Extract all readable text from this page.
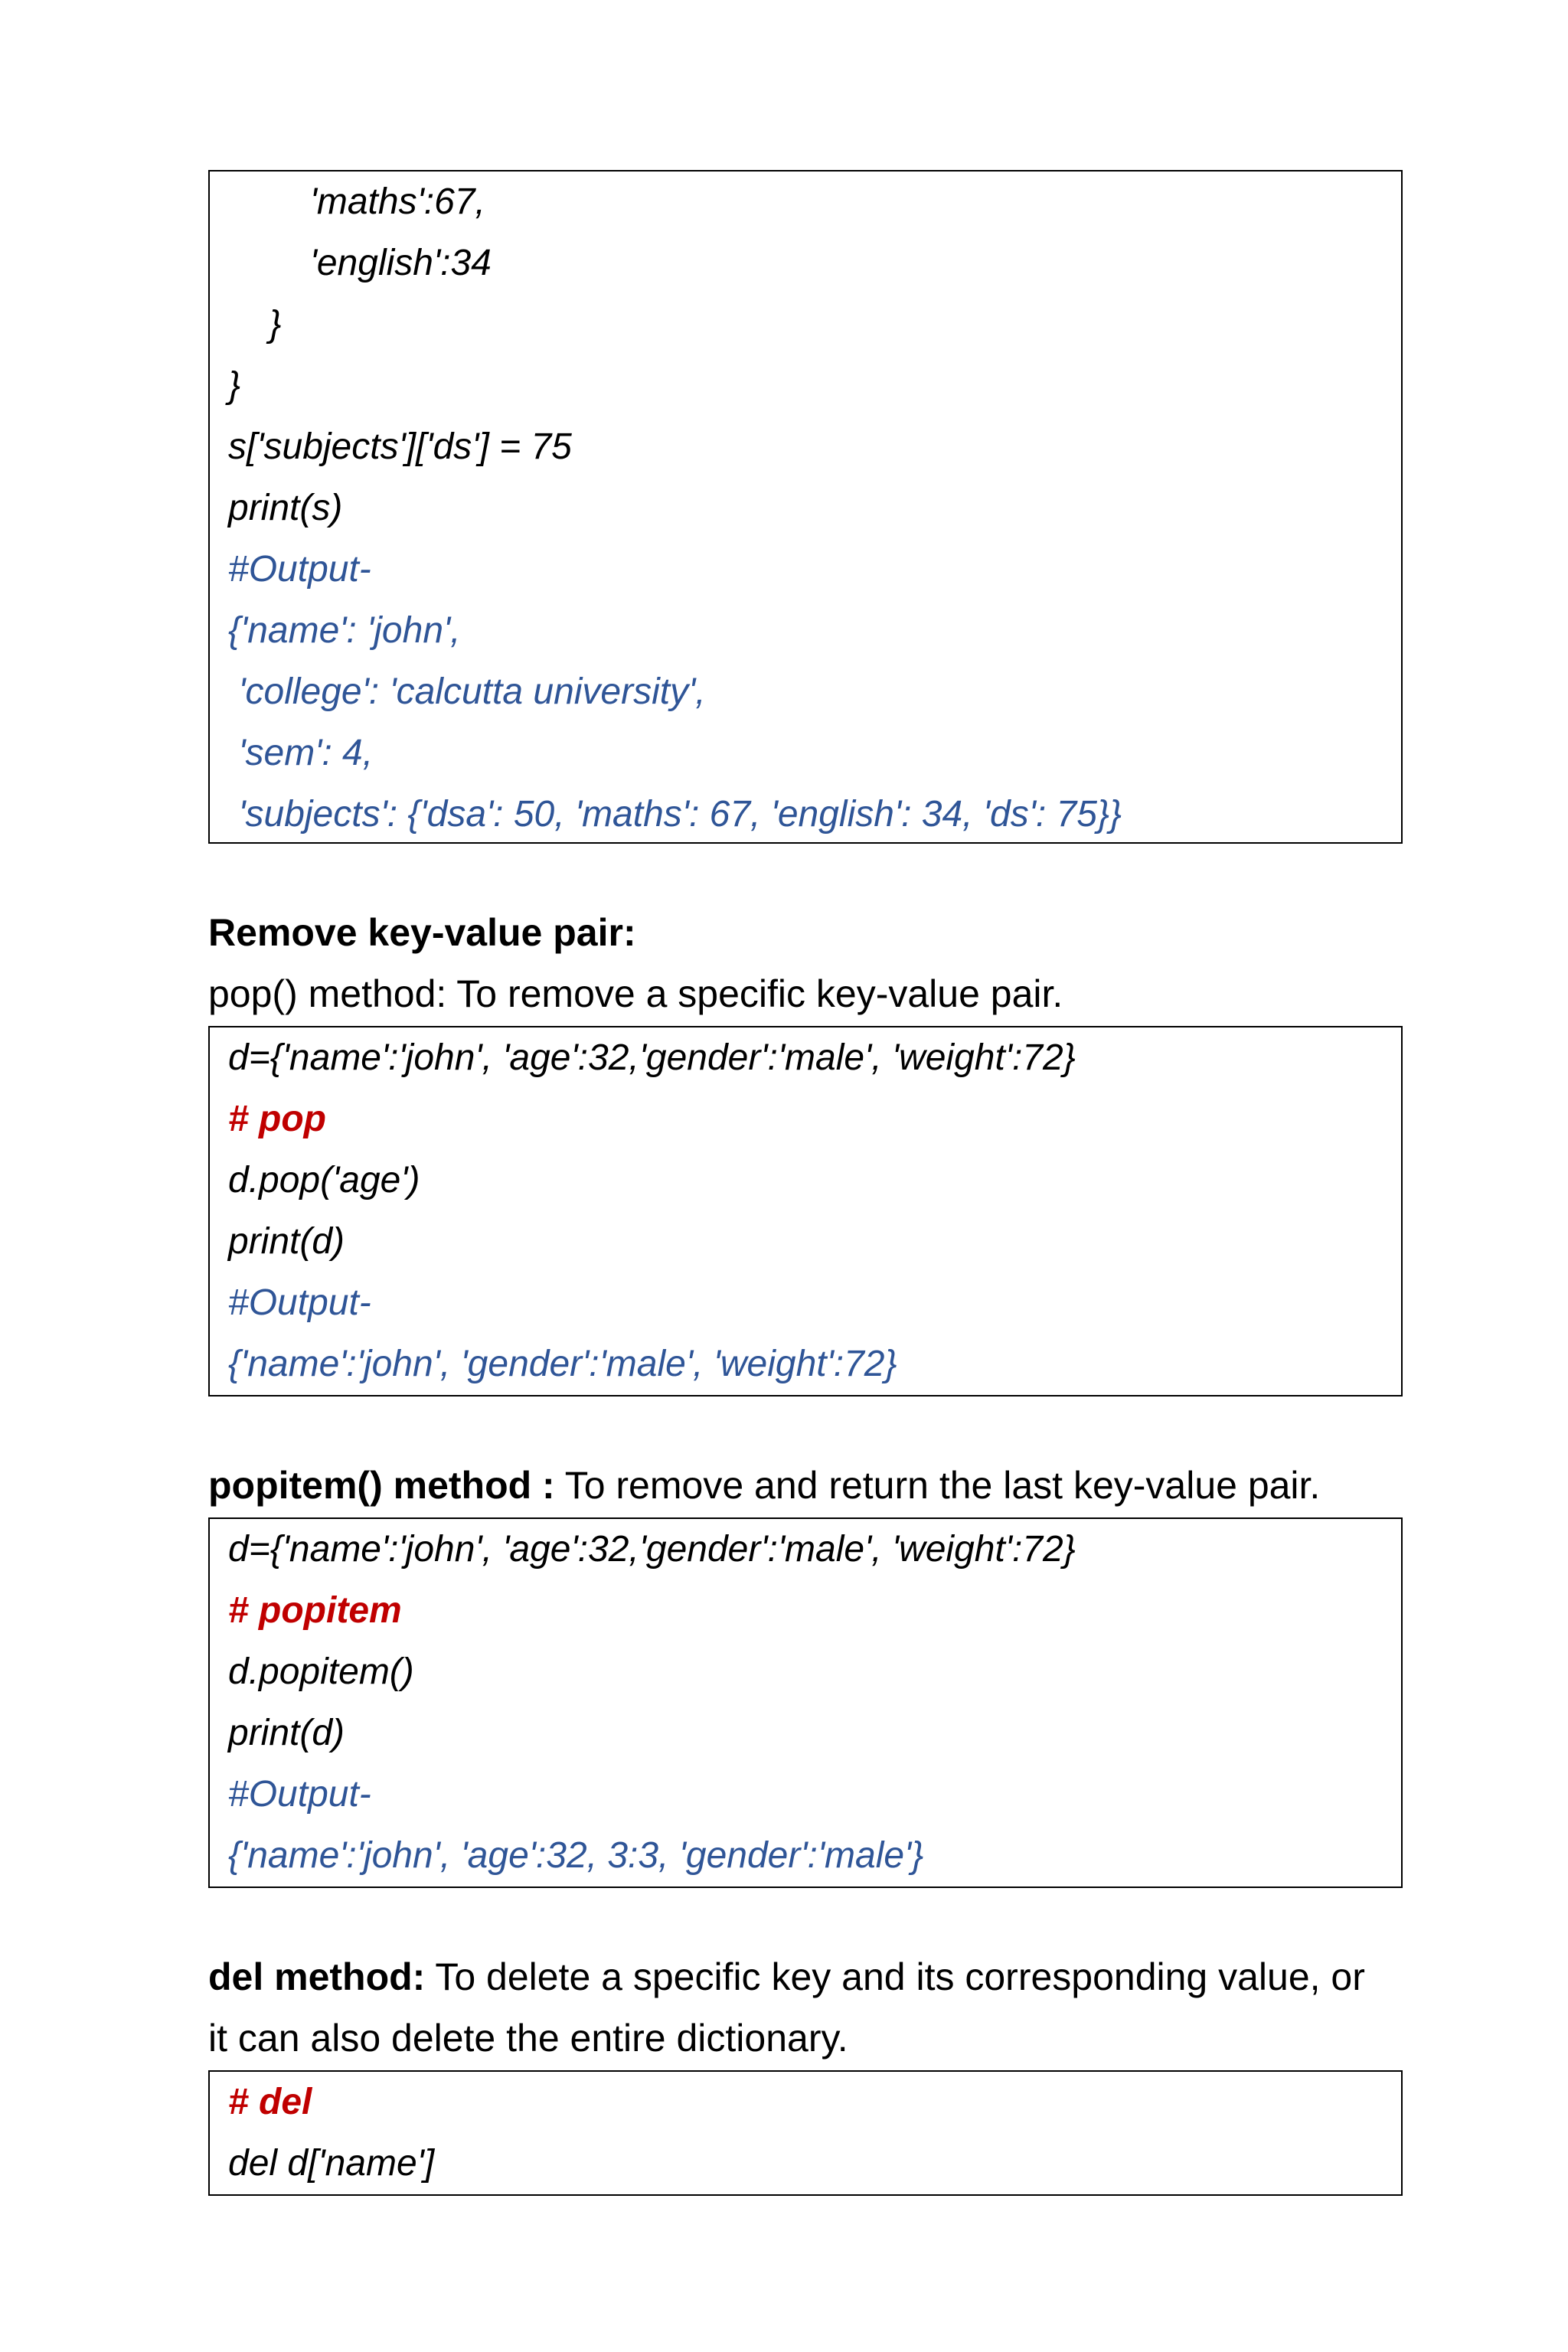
'maths':67,
'english':34
}
}
s['subjects']['ds'] = 75
print(s)
#Output-
{'name': 'john',
'college': 'calcutta university',
'sem': 4,
'subjects': {'dsa': 50, 'maths': 67, 'english': 34, 'ds': 75}}
Remove key-value pair:
pop() method: To remove a specific key-value pair.
d={'name':'john', 'age':32,'gender':'male', 'weight':72}
# pop
d.pop('age')
print(d)
#Output-
{'name':'john', 'gender':'male', 'weight':72}
popitem() method : To remove and return the last key-value pair.
d={'name':'john', 'age':32,'gender':'male', 'weight':72}
# popitem
d.popitem()
print(d)
#Output-
{'name':'john', 'age':32, 3:3, 'gender':'male'}
del method: To delete a specific key and its corresponding value, or
it can also delete the entire dictionary.
# del
del d['name']
